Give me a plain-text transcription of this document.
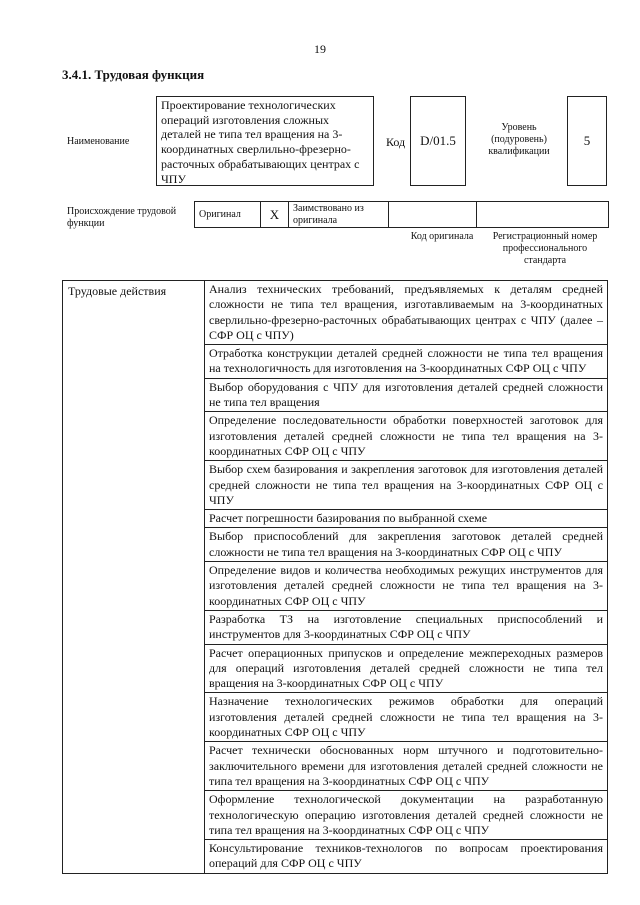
19
3.4.1. Трудовая функция
Наименование
Проектирование технологических операций изготовления сложных деталей не типа тел вращения на 3-координатных сверлильно-фрезерно-расточных обрабатывающих центрах с ЧПУ
Код D/01.5
Уровень (подуровень) квалификации
5
Происхождение трудовой функции
Оригинал	X	Заимствовано из оригинала		
Код оригинала	Регистрационный номер профессионального стандарта
Трудовые действия	Анализ технических требований, предъявляемых к деталям средней сложности не типа тел вращения, изготавливаемым на 3-координатных сверлильно-фрезерно-расточных обрабатывающих центрах с ЧПУ (далее – СФР ОЦ с ЧПУ)
Отработка конструкции деталей средней сложности не типа тел вращения на технологичность для изготовления на 3-координатных СФР ОЦ с ЧПУ
Выбор оборудования с ЧПУ для изготовления деталей средней сложности не типа тел вращения
Определение последовательности обработки поверхностей заготовок для изготовления деталей средней сложности не типа тел вращения на 3-координатных СФР ОЦ с ЧПУ
Выбор схем базирования и закрепления заготовок для изготовления деталей средней сложности не типа тел вращения на 3-координатных СФР ОЦ с ЧПУ
Расчет погрешности базирования по выбранной схеме
Выбор приспособлений для закрепления заготовок деталей средней сложности не типа тел вращения на 3-координатных СФР ОЦ с ЧПУ
Определение видов и количества необходимых режущих инструментов для изготовления деталей средней сложности не типа тел вращения на 3-координатных СФР ОЦ с ЧПУ
Разработка ТЗ на изготовление специальных приспособлений и инструментов для 3-координатных СФР ОЦ с ЧПУ
Расчет операционных припусков и определение межпереходных размеров для операций изготовления деталей средней сложности не типа тел вращения на 3-координатных СФР ОЦ с ЧПУ
Назначение технологических режимов обработки для операций изготовления деталей средней сложности не типа тел вращения на 3-координатных СФР ОЦ с ЧПУ
Расчет технически обоснованных норм штучного и подготовительно-заключительного времени для изготовления деталей средней сложности не типа тел вращения на 3-координатных СФР ОЦ с ЧПУ
Оформление технологической документации на разработанную технологическую операцию изготовления деталей средней сложности не типа тел вращения на 3-координатных СФР ОЦ с ЧПУ
Консультирование техников-технологов по вопросам проектирования операций для СФР ОЦ с ЧПУ
